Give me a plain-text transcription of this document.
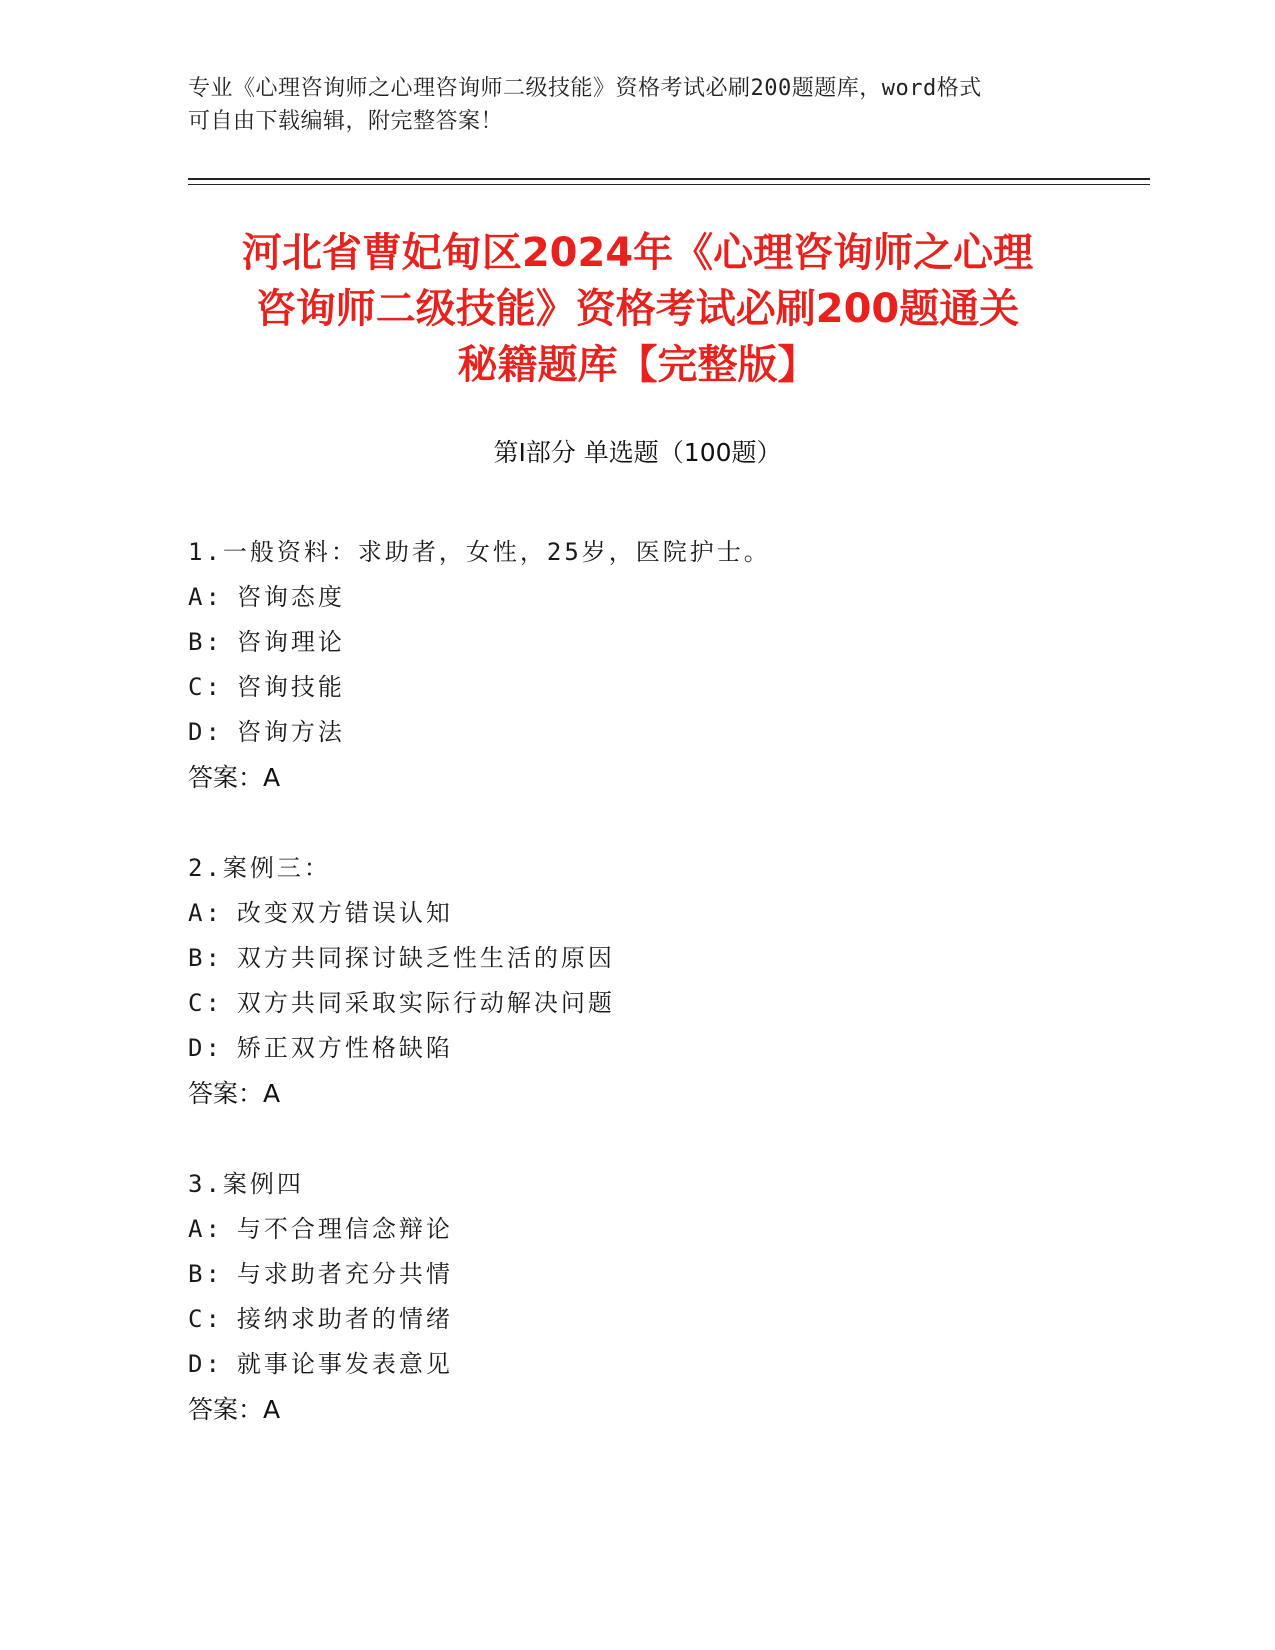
专业《心理咨询师之心理咨询师二级技能》资格考试必刷200题题库，word格式
可自由下载编辑，附完整答案！
河北省曹妃甸区2024年《心理咨询师之心理
咨询师二级技能》资格考试必刷200题通关
秘籍题库【完整版】
第Ⅰ部分 单选题（100题）
1.一般资料：求助者，女性，25岁，医院护士。
A: 咨询态度
B: 咨询理论
C: 咨询技能
D: 咨询方法
答案：A
2.案例三：
A: 改变双方错误认知
B: 双方共同探讨缺乏性生活的原因
C: 双方共同采取实际行动解决问题
D: 矫正双方性格缺陷
答案：A
3.案例四
A: 与不合理信念辩论
B: 与求助者充分共情
C: 接纳求助者的情绪
D: 就事论事发表意见
答案：A
